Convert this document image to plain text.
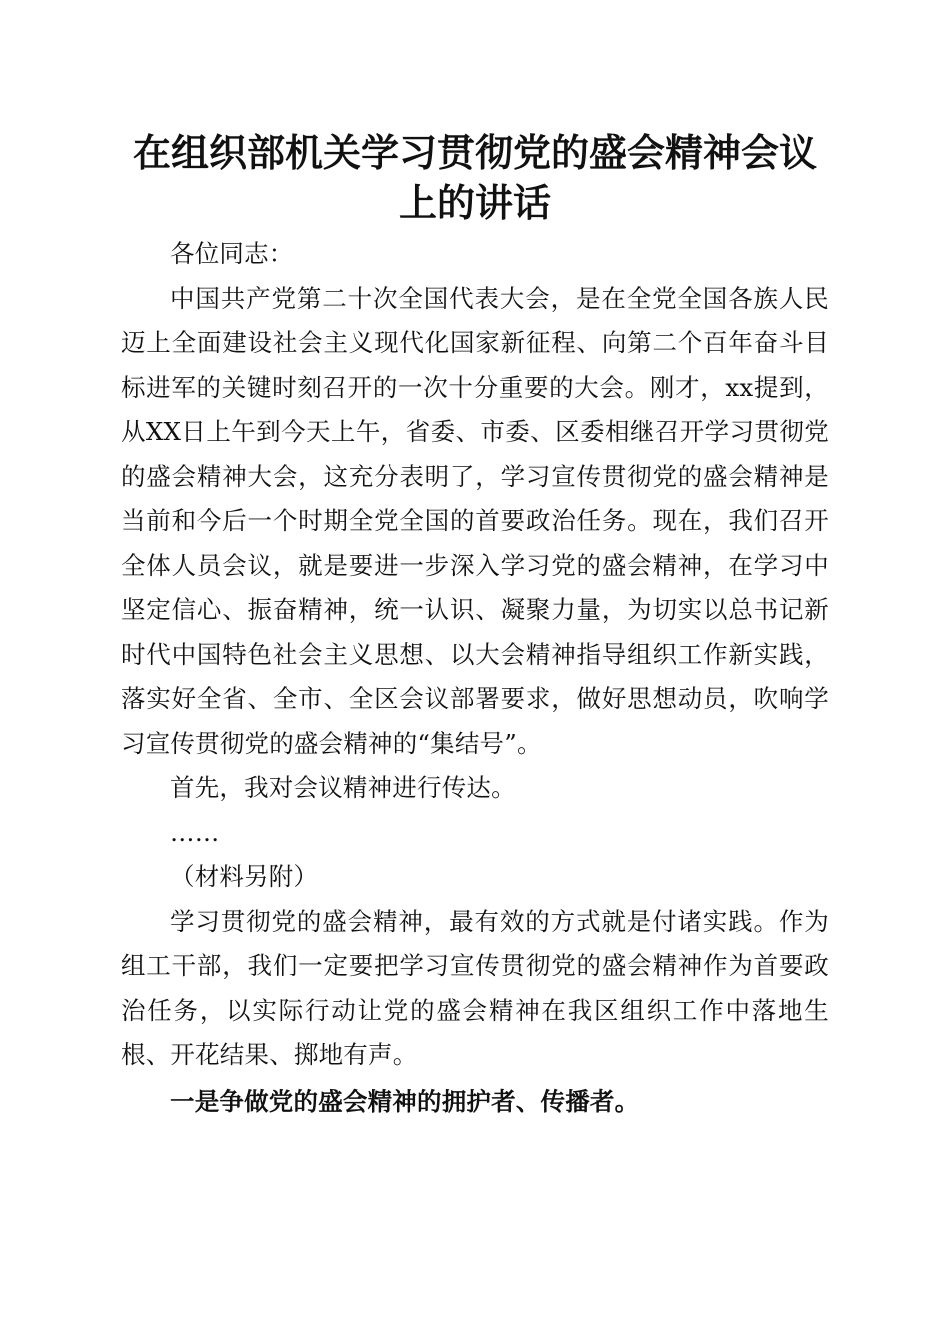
在组织部机关学习贯彻党的盛会精神会议上的讲话

各位同志：

中国共产党第二十次全国代表大会，是在全党全国各族人民迈上全面建设社会主义现代化国家新征程、向第二个百年奋斗目标进军的关键时刻召开的一次十分重要的大会。刚才，xx提到，从XX日上午到今天上午，省委、市委、区委相继召开学习贯彻党的盛会精神大会，这充分表明了，学习宣传贯彻党的盛会精神是当前和今后一个时期全党全国的首要政治任务。现在，我们召开全体人员会议，就是要进一步深入学习党的盛会精神，在学习中坚定信心、振奋精神，统一认识、凝聚力量，为切实以总书记新时代中国特色社会主义思想、以大会精神指导组织工作新实践，落实好全省、全市、全区会议部署要求，做好思想动员，吹响学习宣传贯彻党的盛会精神的“集结号”。

首先，我对会议精神进行传达。

……

（材料另附）

学习贯彻党的盛会精神，最有效的方式就是付诸实践。作为组工干部，我们一定要把学习宣传贯彻党的盛会精神作为首要政治任务，以实际行动让党的盛会精神在我区组织工作中落地生根、开花结果、掷地有声。

一是争做党的盛会精神的拥护者、传播者。
